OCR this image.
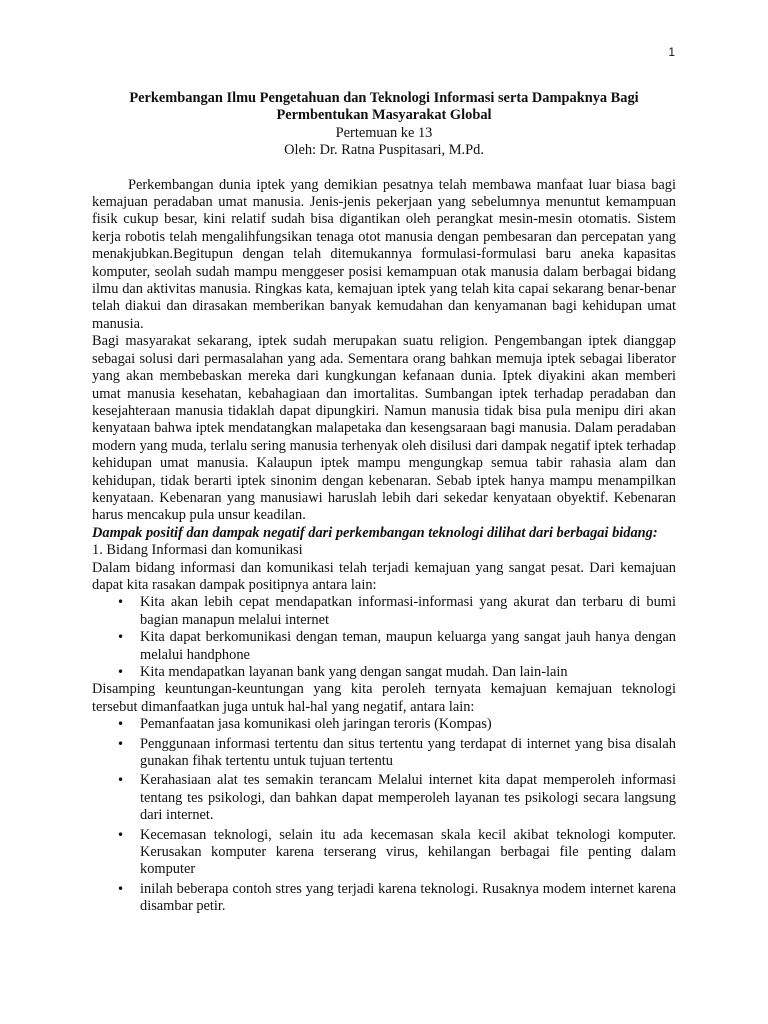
1
Perkembangan Ilmu Pengetahuan dan Teknologi Informasi serta Dampaknya Bagi
Permbentukan Masyarakat Global
Pertemuan ke 13
Oleh: Dr. Ratna Puspitasari, M.Pd.

Perkembangan dunia iptek yang demikian pesatnya telah membawa manfaat luar biasa bagi kemajuan peradaban umat manusia. Jenis-jenis pekerjaan yang sebelumnya menuntut kemampuan fisik cukup besar, kini relatif sudah bisa digantikan oleh perangkat mesin-mesin otomatis. Sistem kerja robotis telah mengalihfungsikan tenaga otot manusia dengan pembesaran dan percepatan yang menakjubkan.Begitupun dengan telah ditemukannya formulasi-formulasi baru aneka kapasitas komputer, seolah sudah mampu menggeser posisi kemampuan otak manusia dalam berbagai bidang ilmu dan aktivitas manusia. Ringkas kata, kemajuan iptek yang telah kita capai sekarang benar-benar telah diakui dan dirasakan memberikan banyak kemudahan dan kenyamanan bagi kehidupan umat manusia.

Bagi masyarakat sekarang, iptek sudah merupakan suatu religion. Pengembangan iptek dianggap sebagai solusi dari permasalahan yang ada. Sementara orang bahkan memuja iptek sebagai liberator yang akan membebaskan mereka dari kungkungan kefanaan dunia. Iptek diyakini akan memberi umat manusia kesehatan, kebahagiaan dan imortalitas. Sumbangan iptek terhadap peradaban dan kesejahteraan manusia tidaklah dapat dipungkiri. Namun manusia tidak bisa pula menipu diri akan kenyataan bahwa iptek mendatangkan malapetaka dan kesengsaraan bagi manusia. Dalam peradaban modern yang muda, terlalu sering manusia terhenyak oleh disilusi dari dampak negatif iptek terhadap kehidupan umat manusia. Kalaupun iptek mampu mengungkap semua tabir rahasia alam dan kehidupan, tidak berarti iptek sinonim dengan kebenaran. Sebab iptek hanya mampu menampilkan kenyataan. Kebenaran yang manusiawi haruslah lebih dari sekedar kenyataan obyektif. Kebenaran harus mencakup pula unsur keadilan.

Dampak positif dan dampak negatif dari perkembangan teknologi dilihat dari berbagai bidang:
1. Bidang Informasi dan komunikasi

Dalam bidang informasi dan komunikasi telah terjadi kemajuan yang sangat pesat. Dari kemajuan dapat kita rasakan dampak positipnya antara lain:

• Kita akan lebih cepat mendapatkan informasi-informasi yang akurat dan terbaru di bumi bagian manapun melalui internet
• Kita dapat berkomunikasi dengan teman, maupun keluarga yang sangat jauh hanya dengan melalui handphone
• Kita mendapatkan layanan bank yang dengan sangat mudah. Dan lain-lain

Disamping keuntungan-keuntungan yang kita peroleh ternyata kemajuan kemajuan teknologi tersebut dimanfaatkan juga untuk hal-hal yang negatif, antara lain:

• Pemanfaatan jasa komunikasi oleh jaringan teroris (Kompas)
• Penggunaan informasi tertentu dan situs tertentu yang terdapat di internet yang bisa disalah gunakan fihak tertentu untuk tujuan tertentu
• Kerahasiaan alat tes semakin terancam Melalui internet kita dapat memperoleh informasi tentang tes psikologi, dan bahkan dapat memperoleh layanan tes psikologi secara langsung dari internet.
• Kecemasan teknologi, selain itu ada kecemasan skala kecil akibat teknologi komputer. Kerusakan komputer karena terserang virus, kehilangan berbagai file penting dalam komputer
• inilah beberapa contoh stres yang terjadi karena teknologi. Rusaknya modem internet karena disambar petir.
